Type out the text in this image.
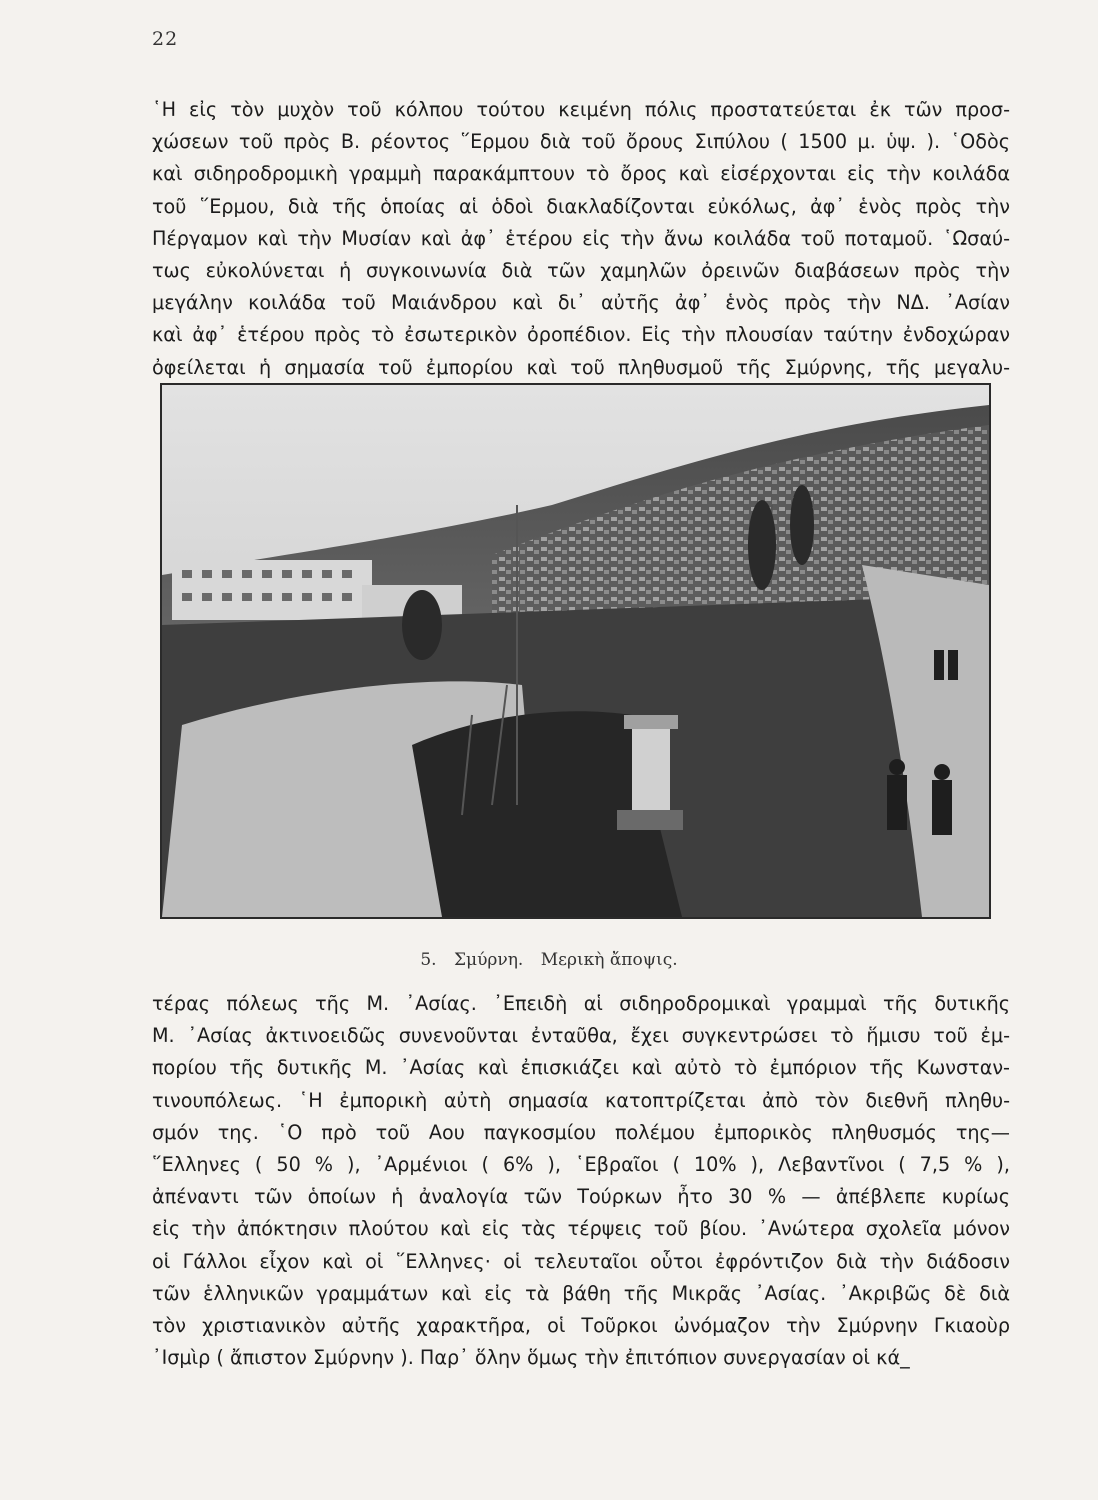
22
῾Η εἰς τὸν μυχὸν τοῦ κόλπου τούτου κειμένη πόλις προστατεύεται ἐκ τῶν προσ-
χώσεων τοῦ πρὸς Β. ρέοντος ῞Ερμου διὰ τοῦ ὄρους Σιπύλου ( 1500 μ. ὑψ. ). ῾Οδὸς
καὶ σιδηροδρομικὴ γραμμὴ παρακάμπτουν τὸ ὄρος καὶ εἰσέρχονται εἰς τὴν κοιλάδα
τοῦ ῞Ερμου, διὰ τῆς ὁποίας αἱ ὁδοὶ διακλαδίζονται εὐκόλως, ἀφ᾽ ἑνὸς πρὸς τὴν
Πέργαμον καὶ τὴν Μυσίαν καὶ ἀφ᾽ ἑτέρου εἰς τὴν ἄνω κοιλάδα τοῦ ποταμοῦ. ῾Ωσαύ-
τως εὐκολύνεται ἡ συγκοινωνία διὰ τῶν χαμηλῶν ὀρεινῶν διαβάσεων πρὸς τὴν
μεγάλην κοιλάδα τοῦ Μαιάνδρου καὶ δι᾽ αὐτῆς ἀφ᾽ ἑνὸς πρὸς τὴν ΝΔ. ᾿Ασίαν
καὶ ἀφ᾽ ἑτέρου πρὸς τὸ ἐσωτερικὸν ὀροπέδιον. Εἰς τὴν πλουσίαν ταύτην ἐνδοχώραν
ὀφείλεται ἡ σημασία τοῦ ἐμπορίου καὶ τοῦ πληθυσμοῦ τῆς Σμύρνης, τῆς μεγαλυ-
5. Σμύρνη. Μερικὴ ἄποψις.
τέρας πόλεως τῆς Μ. ᾿Ασίας. ᾿Επειδὴ αἱ σιδηροδρομικαὶ γραμμαὶ τῆς δυτικῆς
Μ. ᾿Ασίας ἀκτινοειδῶς συνενοῦνται ἐνταῦθα, ἔχει συγκεντρώσει τὸ ἥμισυ τοῦ ἐμ-
πορίου τῆς δυτικῆς Μ. ᾿Ασίας καὶ ἐπισκιάζει καὶ αὐτὸ τὸ ἐμπόριον τῆς Κωνσταν-
τινουπόλεως. ῾Η ἐμπορικὴ αὐτὴ σημασία κατοπτρίζεται ἀπὸ τὸν διεθνῆ πληθυ-
σμόν της. ῾Ο πρὸ τοῦ Αου παγκοσμίου πολέμου ἐμπορικὸς πληθυσμός της—
῞Ελληνες ( 50 % ), ᾿Αρμένιοι ( 6% ), ῾Εβραῖοι ( 10% ), Λεβαντῖνοι ( 7,5 % ),
ἀπέναντι τῶν ὁποίων ἡ ἀναλογία τῶν Τούρκων ἦτο 30 % — ἀπέβλεπε κυρίως
εἰς τὴν ἀπόκτησιν πλούτου καὶ εἰς τὰς τέρψεις τοῦ βίου. ᾿Ανώτερα σχολεῖα μόνον
οἱ Γάλλοι εἶχον καὶ οἱ ῞Ελληνες· οἱ τελευταῖοι οὗτοι ἐφρόντιζον διὰ τὴν διάδοσιν
τῶν ἑλληνικῶν γραμμάτων καὶ εἰς τὰ βάθη τῆς Μικρᾶς ᾿Ασίας. ᾿Ακριβῶς δὲ διὰ
τὸν χριστιανικὸν αὐτῆς χαρακτῆρα, οἱ Τοῦρκοι ὠνόμαζον τὴν Σμύρνην Γκιαοὺρ
᾿Ισμὶρ ( ἄπιστον Σμύρνην ). Παρ᾽ ὅλην ὅμως τὴν ἐπιτόπιον συνεργασίαν οἱ κά_
